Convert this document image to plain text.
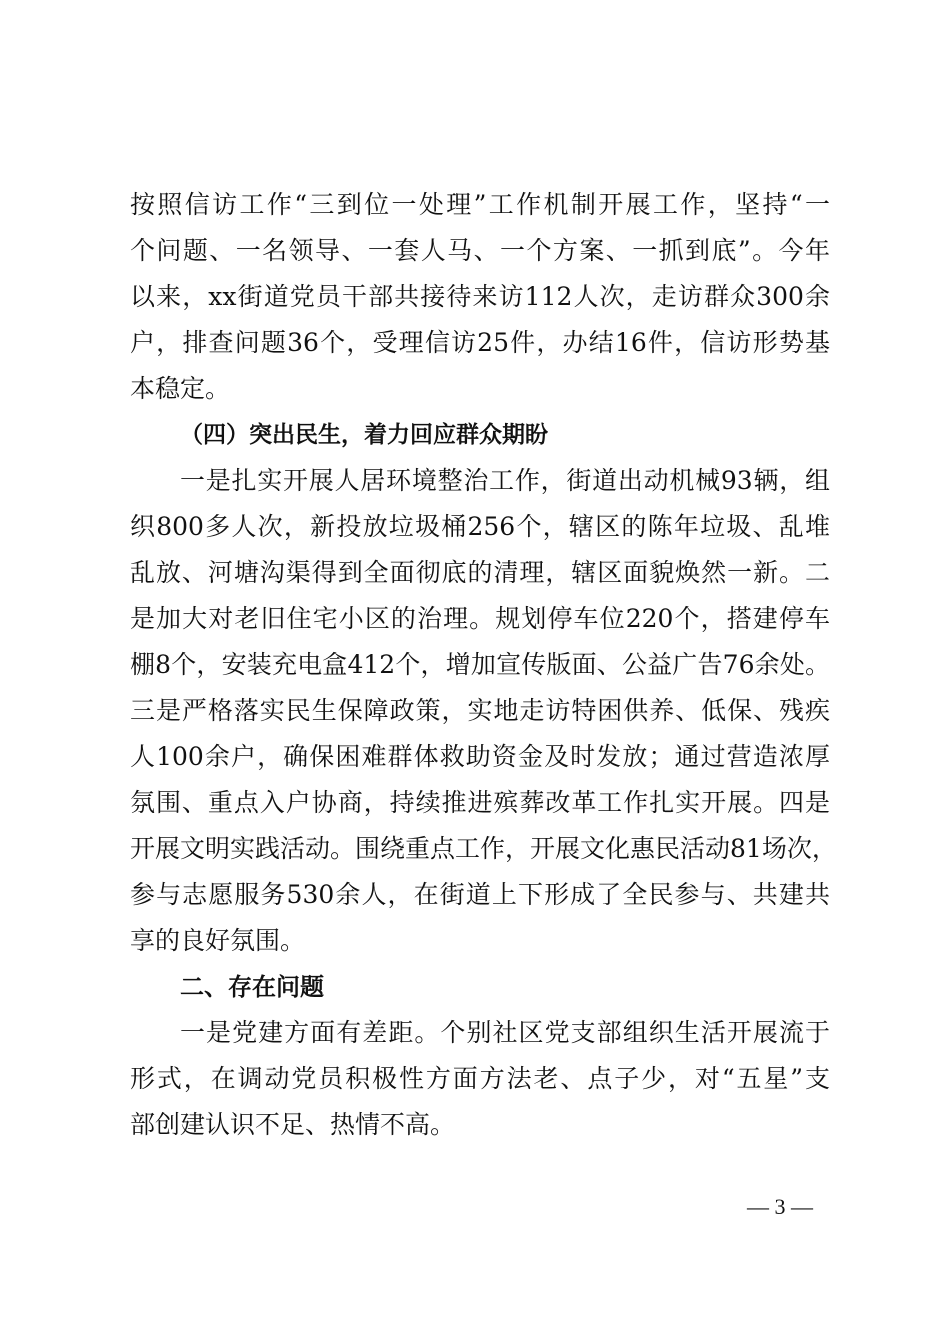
按照信访工作“三到位一处理”工作机制开展工作，坚持“一
个问题、一名领导、一套人马、一个方案、一抓到底”。今年
以来，xx街道党员干部共接待来访112人次，走访群众300余
户，排查问题36个，受理信访25件，办结16件，信访形势基
本稳定。
（四）突出民生，着力回应群众期盼
一是扎实开展人居环境整治工作，街道出动机械93辆，组
织800多人次，新投放垃圾桶256个，辖区的陈年垃圾、乱堆
乱放、河塘沟渠得到全面彻底的清理，辖区面貌焕然一新。二
是加大对老旧住宅小区的治理。规划停车位220个，搭建停车
棚8个，安装充电盒412个，增加宣传版面、公益广告76余处。
三是严格落实民生保障政策，实地走访特困供养、低保、残疾
人100余户，确保困难群体救助资金及时发放；通过营造浓厚
氛围、重点入户协商，持续推进殡葬改革工作扎实开展。四是
开展文明实践活动。围绕重点工作，开展文化惠民活动81场次，
参与志愿服务530余人，在街道上下形成了全民参与、共建共
享的良好氛围。
二、存在问题
一是党建方面有差距。个别社区党支部组织生活开展流于
形式，在调动党员积极性方面方法老、点子少，对“五星”支
部创建认识不足、热情不高。
— 3 —
